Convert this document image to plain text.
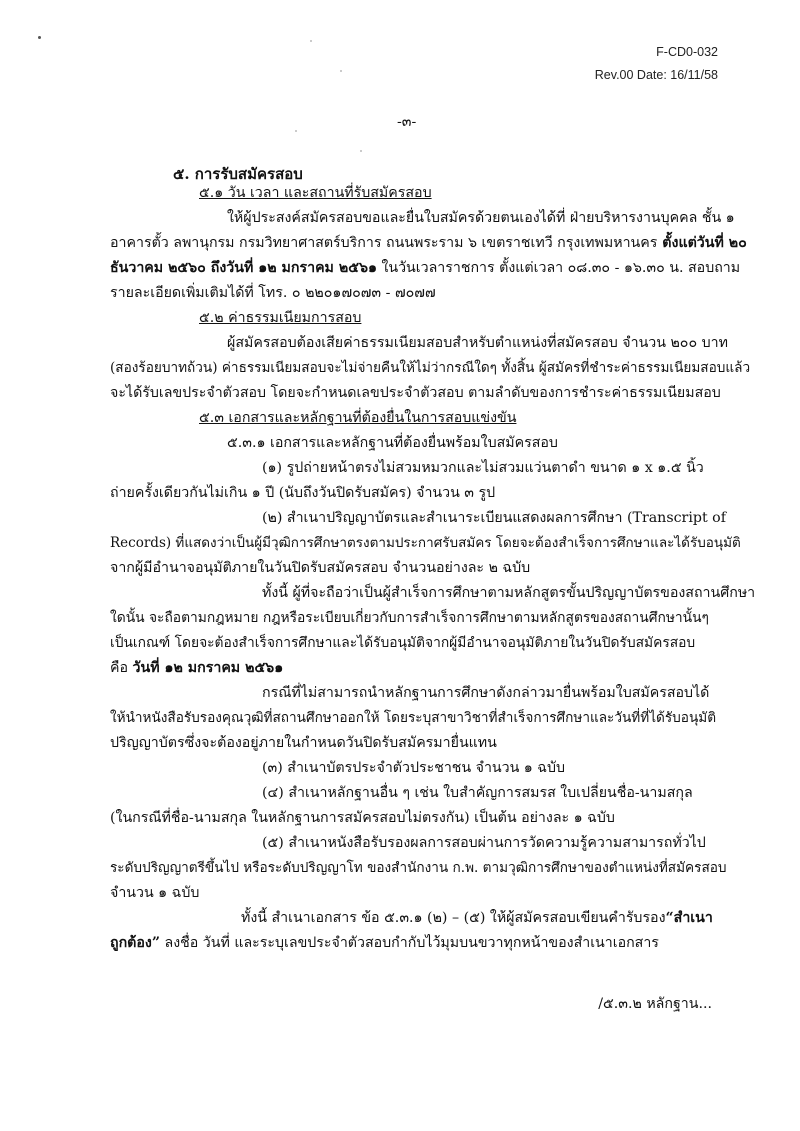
F-CD0-032
Rev.00 Date: 16/11/58
-๓-
๕. การรับสมัครสอบ
๕.๑ วัน เวลา และสถานที่รับสมัครสอบ
ให้ผู้ประสงค์สมัครสอบขอและยื่นใบสมัครด้วยตนเองได้ที่ ฝ่ายบริหารงานบุคคล ชั้น ๑
อาคารตั้ว ลพานุกรม กรมวิทยาศาสตร์บริการ ถนนพระราม ๖ เขตราชเทวี กรุงเทพมหานคร ตั้งแต่วันที่ ๒๐
ธันวาคม ๒๕๖๐ ถึงวันที่ ๑๒ มกราคม ๒๕๖๑ ในวันเวลาราชการ ตั้งแต่เวลา ๐๘.๓๐ - ๑๖.๓๐ น. สอบถาม
รายละเอียดเพิ่มเติมได้ที่ โทร. ๐ ๒๒๐๑๗๐๗๓ - ๗๐๗๗
๕.๒ ค่าธรรมเนียมการสอบ
ผู้สมัครสอบต้องเสียค่าธรรมเนียมสอบสำหรับตำแหน่งที่สมัครสอบ จำนวน ๒๐๐ บาท
(สองร้อยบาทถ้วน) ค่าธรรมเนียมสอบจะไม่จ่ายคืนให้ไม่ว่ากรณีใดๆ ทั้งสิ้น ผู้สมัครที่ชำระค่าธรรมเนียมสอบแล้ว
จะได้รับเลขประจำตัวสอบ โดยจะกำหนดเลขประจำตัวสอบ ตามลำดับของการชำระค่าธรรมเนียมสอบ
๕.๓ เอกสารและหลักฐานที่ต้องยื่นในการสอบแข่งขัน
๕.๓.๑ เอกสารและหลักฐานที่ต้องยื่นพร้อมใบสมัครสอบ
(๑) รูปถ่ายหน้าตรงไม่สวมหมวกและไม่สวมแว่นตาดำ ขนาด ๑ x ๑.๕ นิ้ว
ถ่ายครั้งเดียวกันไม่เกิน ๑ ปี (นับถึงวันปิดรับสมัคร) จำนวน ๓ รูป
(๒) สำเนาปริญญาบัตรและสำเนาระเบียนแสดงผลการศึกษา (Transcript of
Records) ที่แสดงว่าเป็นผู้มีวุฒิการศึกษาตรงตามประกาศรับสมัคร โดยจะต้องสำเร็จการศึกษาและได้รับอนุมัติ
จากผู้มีอำนาจอนุมัติภายในวันปิดรับสมัครสอบ จำนวนอย่างละ ๒ ฉบับ
ทั้งนี้ ผู้ที่จะถือว่าเป็นผู้สำเร็จการศึกษาตามหลักสูตรขั้นปริญญาบัตรของสถานศึกษา
ใดนั้น จะถือตามกฎหมาย กฎหรือระเบียบเกี่ยวกับการสำเร็จการศึกษาตามหลักสูตรของสถานศึกษานั้นๆ
เป็นเกณฑ์ โดยจะต้องสำเร็จการศึกษาและได้รับอนุมัติจากผู้มีอำนาจอนุมัติภายในวันปิดรับสมัครสอบ
คือ วันที่ ๑๒ มกราคม ๒๕๖๑
กรณีที่ไม่สามารถนำหลักฐานการศึกษาดังกล่าวมายื่นพร้อมใบสมัครสอบได้
ให้นำหนังสือรับรองคุณวุฒิที่สถานศึกษาออกให้ โดยระบุสาขาวิชาที่สำเร็จการศึกษาและวันที่ที่ได้รับอนุมัติ
ปริญญาบัตรซึ่งจะต้องอยู่ภายในกำหนดวันปิดรับสมัครมายื่นแทน
(๓) สำเนาบัตรประจำตัวประชาชน จำนวน ๑ ฉบับ
(๔) สำเนาหลักฐานอื่น ๆ เช่น ใบสำคัญการสมรส ใบเปลี่ยนชื่อ-นามสกุล
(ในกรณีที่ชื่อ-นามสกุล ในหลักฐานการสมัครสอบไม่ตรงกัน) เป็นต้น อย่างละ ๑ ฉบับ
(๕) สำเนาหนังสือรับรองผลการสอบผ่านการวัดความรู้ความสามารถทั่วไป
ระดับปริญญาตรีขึ้นไป หรือระดับปริญญาโท ของสำนักงาน ก.พ. ตามวุฒิการศึกษาของตำแหน่งที่สมัครสอบ
จำนวน ๑ ฉบับ
ทั้งนี้ สำเนาเอกสาร ข้อ ๕.๓.๑ (๒) – (๕) ให้ผู้สมัครสอบเขียนคำรับรอง“สำเนา
ถูกต้อง” ลงชื่อ วันที่ และระบุเลขประจำตัวสอบกำกับไว้มุมบนขวาทุกหน้าของสำเนาเอกสาร
/๕.๓.๒ หลักฐาน...
